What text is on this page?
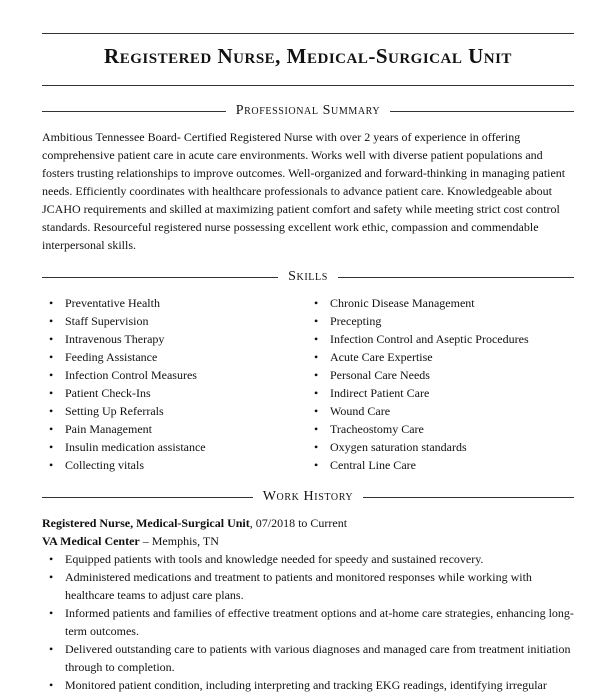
Registered Nurse, Medical-Surgical Unit
Professional Summary

Ambitious Tennessee Board- Certified Registered Nurse with over 2 years of experience in offering comprehensive patient care in acute care environments. Works well with diverse patient populations and fosters trusting relationships to improve outcomes. Well-organized and forward-thinking in managing patient needs. Efficiently coordinates with healthcare professionals to advance patient care. Knowledgeable about JCAHO requirements and skilled at maximizing patient comfort and safety while meeting strict cost control standards. Resourceful registered nurse possessing excellent work ethic, compassion and commendable interpersonal skills.

Skills
• Preventative Health
• Staff Supervision
• Intravenous Therapy
• Feeding Assistance
• Infection Control Measures
• Patient Check-Ins
• Setting Up Referrals
• Pain Management
• Insulin medication assistance
• Collecting vitals
• Chronic Disease Management
• Precepting
• Infection Control and Aseptic Procedures
• Acute Care Expertise
• Personal Care Needs
• Indirect Patient Care
• Wound Care
• Tracheostomy Care
• Oxygen saturation standards
• Central Line Care
Work History
Registered Nurse, Medical-Surgical Unit, 07/2018 to Current
VA Medical Center – Memphis, TN
• Equipped patients with tools and knowledge needed for speedy and sustained recovery.
• Administered medications and treatment to patients and monitored responses while working with healthcare teams to adjust care plans.
• Informed patients and families of effective treatment options and at-home care strategies, enhancing long-term outcomes.
• Delivered outstanding care to patients with various diagnoses and managed care from treatment initiation through to completion.
• Monitored patient condition, including interpreting and tracking EKG readings, identifying irregular
